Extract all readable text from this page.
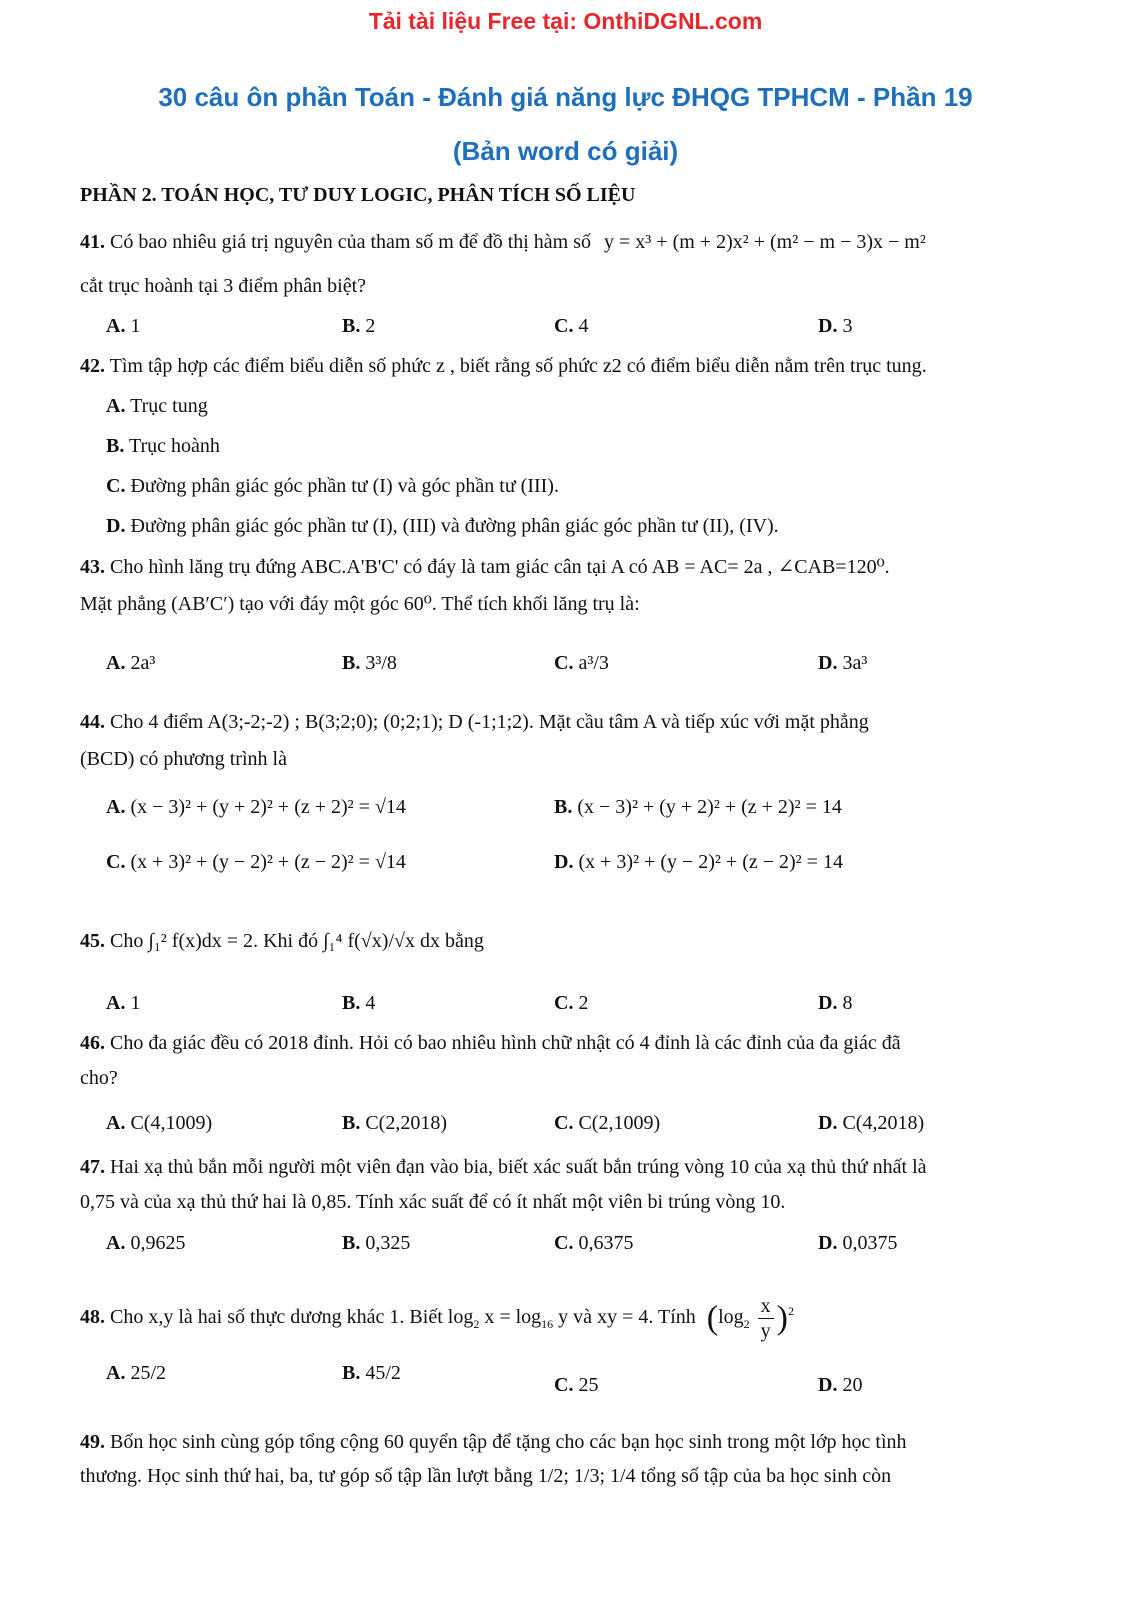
Tải tài liệu Free tại: OnthiDGNL.com
30 câu ôn phần Toán - Đánh giá năng lực ĐHQG TPHCM - Phần 19
(Bản word có giải)
PHẦN 2. TOÁN HỌC, TƯ DUY LOGIC, PHÂN TÍCH SỐ LIỆU
41. Có bao nhiêu giá trị nguyên của tham số m để đồ thị hàm số y = x³ + (m + 2)x² + (m² − m − 3)x − m²
cắt trục hoành tại 3 điểm phân biệt?
A. 1	B. 2	C. 4	D. 3
42. Tìm tập hợp các điểm biểu diễn số phức z , biết rằng số phức z2 có điểm biểu diễn nằm trên trục tung.
A. Trục tung
B. Trục hoành
C. Đường phân giác góc phần tư (I) và góc phần tư (III).
D. Đường phân giác góc phần tư (I), (III) và đường phân giác góc phần tư (II), (IV).
43. Cho hình lăng trụ đứng ABC.A'B'C' có đáy là tam giác cân tại A có AB = AC= 2a , ∠CAB=120⁰.
Mặt phẳng (AB′C′) tạo với đáy một góc 60⁰. Thể tích khối lăng trụ là:
A. 2a³	B. 3³/8	C. a³/3	D. 3a³
44. Cho 4 điểm A(3;-2;-2) ; B(3;2;0); (0;2;1); D (-1;1;2). Mặt cầu tâm A và tiếp xúc với mặt phẳng
(BCD) có phương trình là
A. (x − 3)² + (y + 2)² + (z + 2)² = √14	B. (x − 3)² + (y + 2)² + (z + 2)² = 14
C. (x + 3)² + (y − 2)² + (z − 2)² = √14	D. (x + 3)² + (y − 2)² + (z − 2)² = 14
45. Cho ∫₁² f(x)dx = 2. Khi đó ∫₁⁴ f(√x)/√x dx bằng
A. 1	B. 4	C. 2	D. 8
46. Cho đa giác đều có 2018 đỉnh. Hỏi có bao nhiêu hình chữ nhật có 4 đỉnh là các đỉnh của đa giác đã
cho?
A. C(4,1009)	B. C(2,2018)	C. C(2,1009)	D. C(4,2018)
47. Hai xạ thủ bắn mỗi người một viên đạn vào bia, biết xác suất bắn trúng vòng 10 của xạ thủ thứ nhất là
0,75 và của xạ thủ thứ hai là 0,85. Tính xác suất để có ít nhất một viên bi trúng vòng 10.
A. 0,9625	B. 0,325	C. 0,6375	D. 0,0375
48. Cho x,y là hai số thực dương khác 1. Biết $\log_2 x = \log_{16} y$ và xy = 4. Tính $(\log_2 \frac{x}{y} )^2$
A. 25/2	B. 45/2
C. 25	D. 20
49. Bốn học sinh cùng góp tổng cộng 60 quyển tập để tặng cho các bạn học sinh trong một lớp học tình
thương. Học sinh thứ hai, ba, tư góp số tập lần lượt bằng 1/2; 1/3; 1/4 tổng số tập của ba học sinh còn
